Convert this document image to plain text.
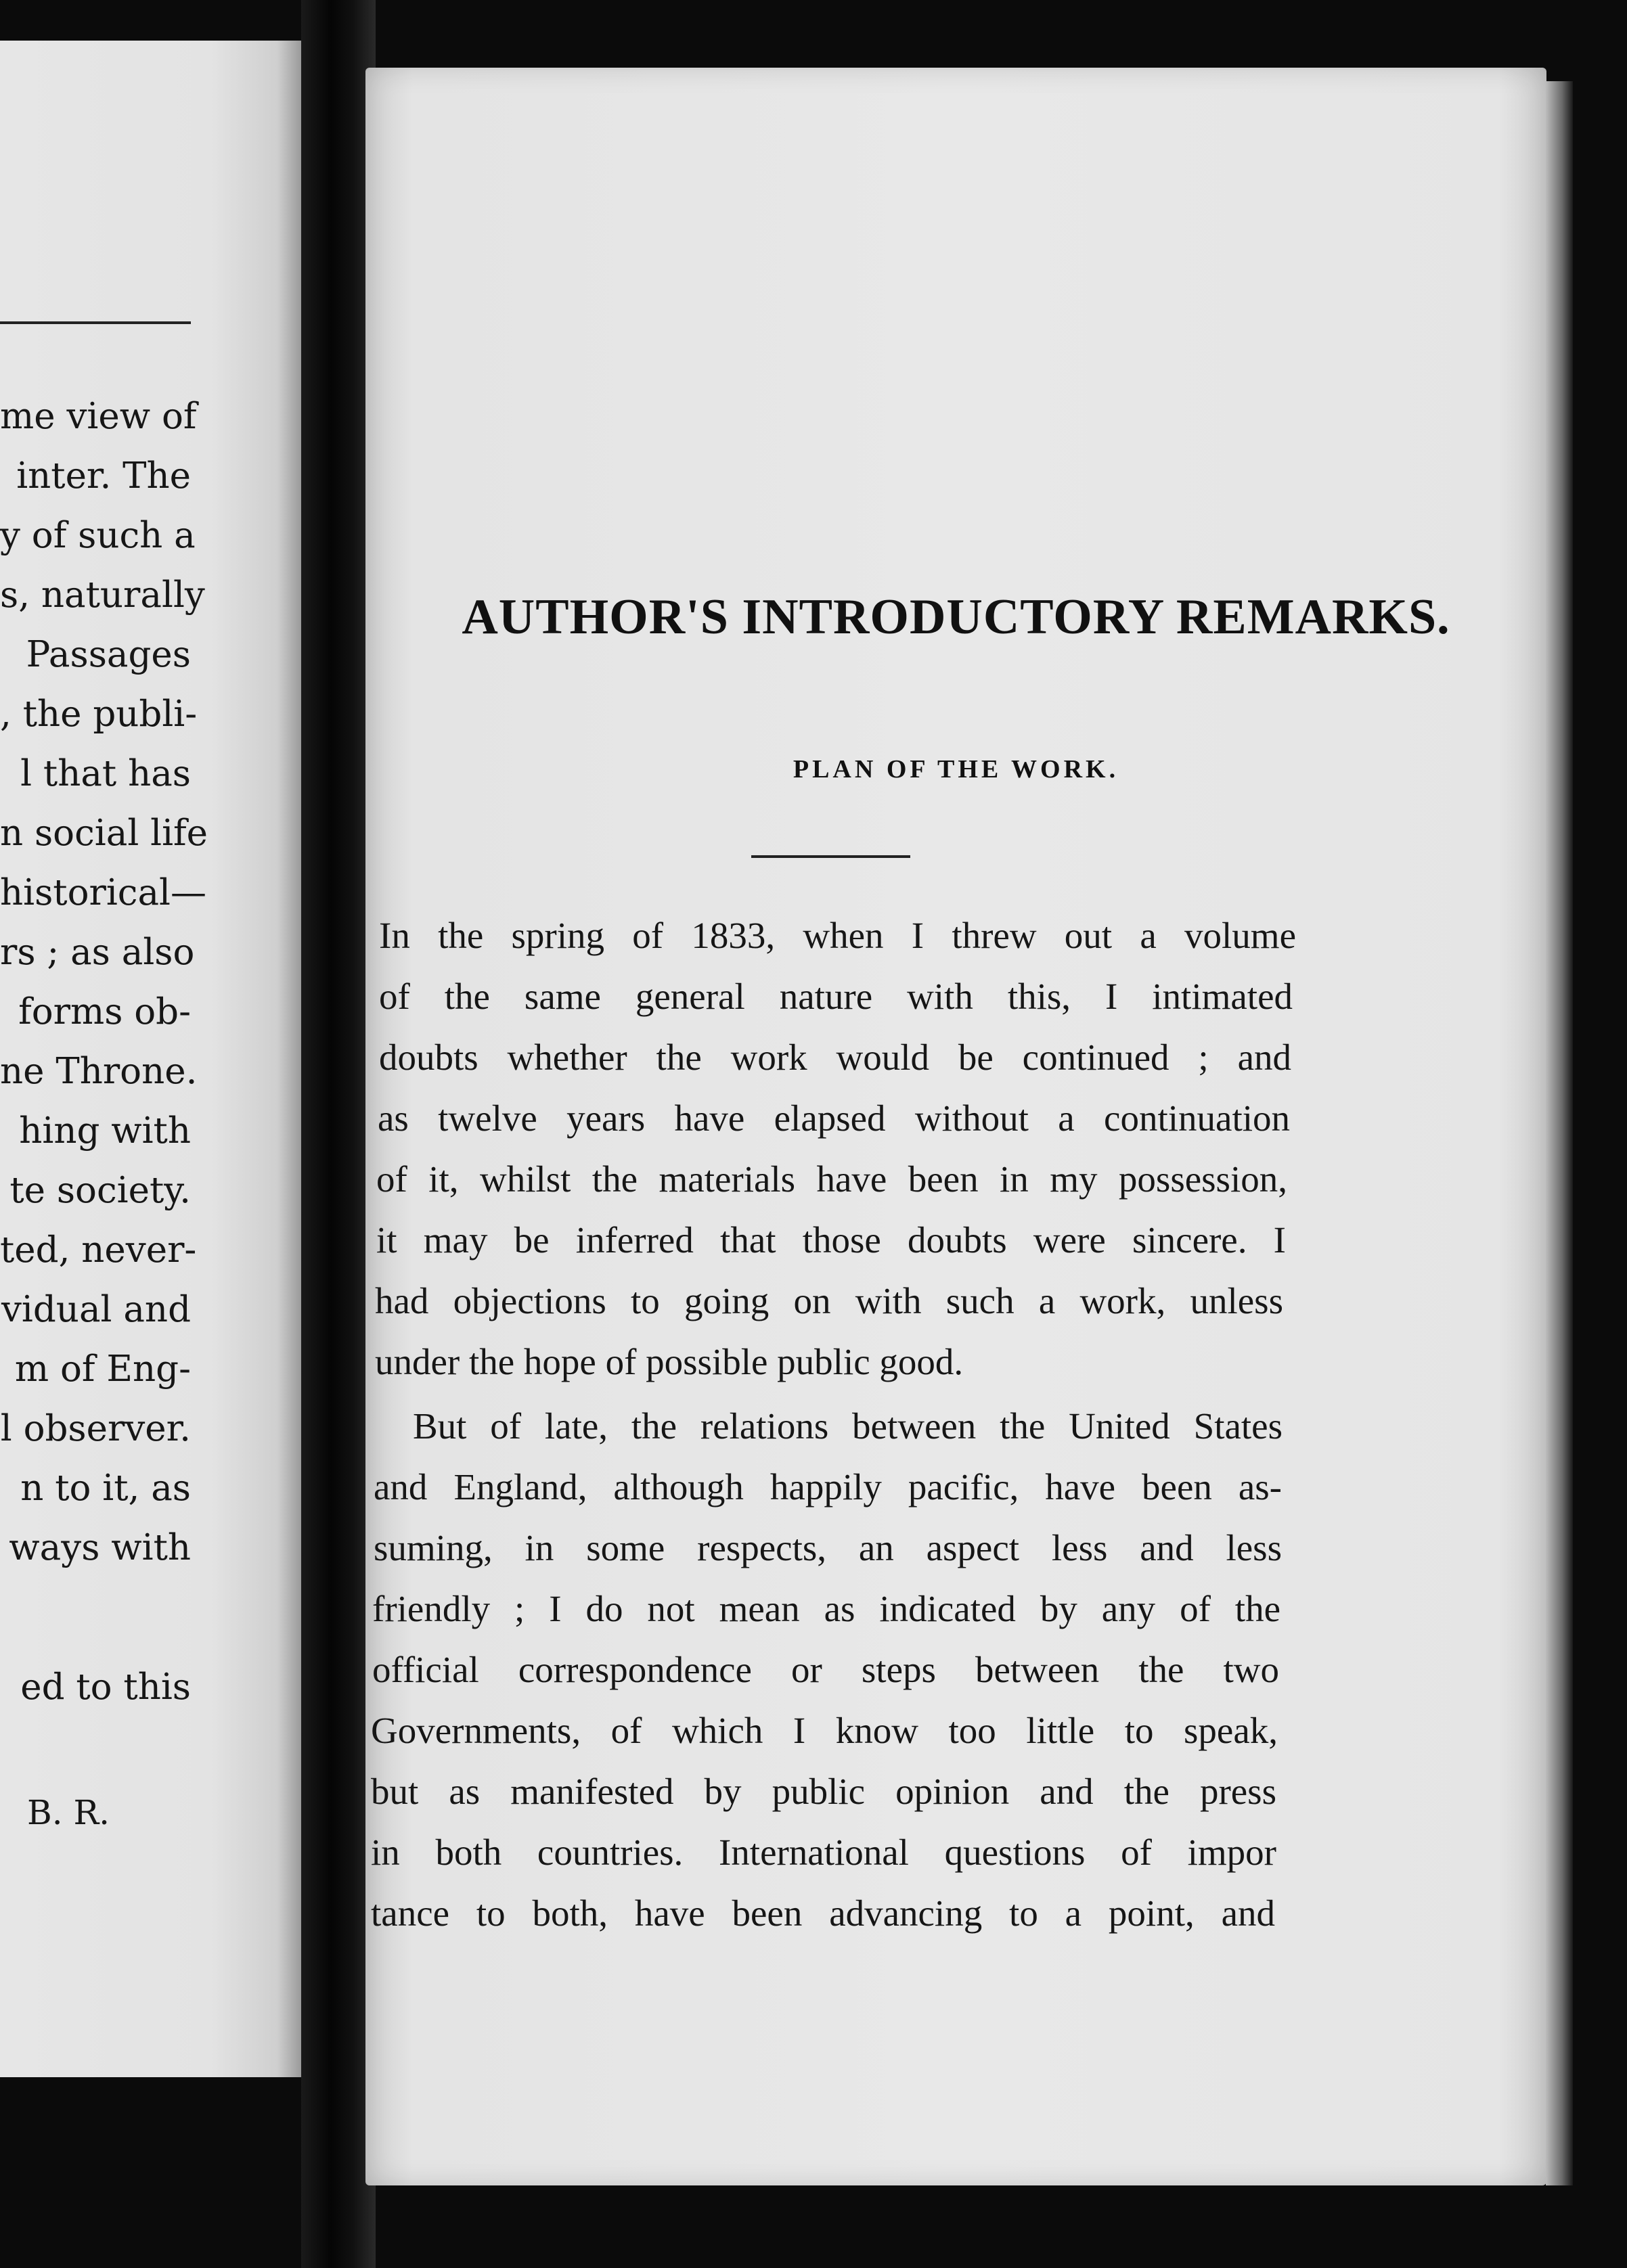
me view of
inter. The
y of such a
s, naturally
Passages
, the publi-
l that has
n social life
historical—
rs ; as also
forms ob-
ne Throne.
hing with
te society.
ted, never-
vidual and
m of Eng-
l observer.
n to it, as
ways with
ed to this
B. R.
AUTHOR'S INTRODUCTORY REMARKS.
PLAN OF THE WORK.
In the spring of 1833, when I threw out a volume
of the same general nature with this, I intimated
doubts whether the work would be continued ; and
as twelve years have elapsed without a continuation
of it, whilst the materials have been in my possession,
it may be inferred that those doubts were sincere. I
had objections to going on with such a work, unless
under the hope of possible public good.
But of late, the relations between the United States
and England, although happily pacific, have been as-
suming, in some respects, an aspect less and less
friendly ; I do not mean as indicated by any of the
official correspondence or steps between the two
Governments, of which I know too little to speak,
but as manifested by public opinion and the press
in both countries. International questions of impor
tance to both, have been advancing to a point, and
